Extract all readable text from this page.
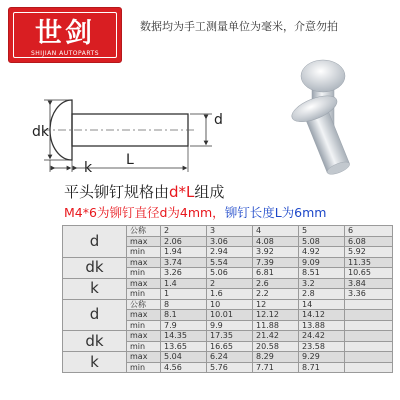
世剑
SHIJIAN AUTOPARTS
数据均为手工测量单位为毫米，介意勿拍
dk
d
k L
平头铆钉规格由d*L组成
M4*6为铆钉直径d为4mm，铆钉长度L为6mm
d	公称	2	3	4	5	6
	max	2.06	3.06	4.08	5.08	6.08
	min	1.94	2.94	3.92	4.92	5.92
dk	max	3.74	5.54	7.39	9.09	11.35
	min	3.26	5.06	6.81	8.51	10.65
k	max	1.4	2	2.6	3.2	3.84
	min	1	1.6	2.2	2.8	3.36
d	公称	8	10	12	14	
	max	8.1	10.01	12.12	14.12	
	min	7.9	9.9	11.88	13.88	
dk	max	14.35	17.35	21.42	24.42	
	min	13.65	16.65	20.58	23.58	
k	max	5.04	6.24	8.29	9.29	
	min	4.56	5.76	7.71	8.71	
